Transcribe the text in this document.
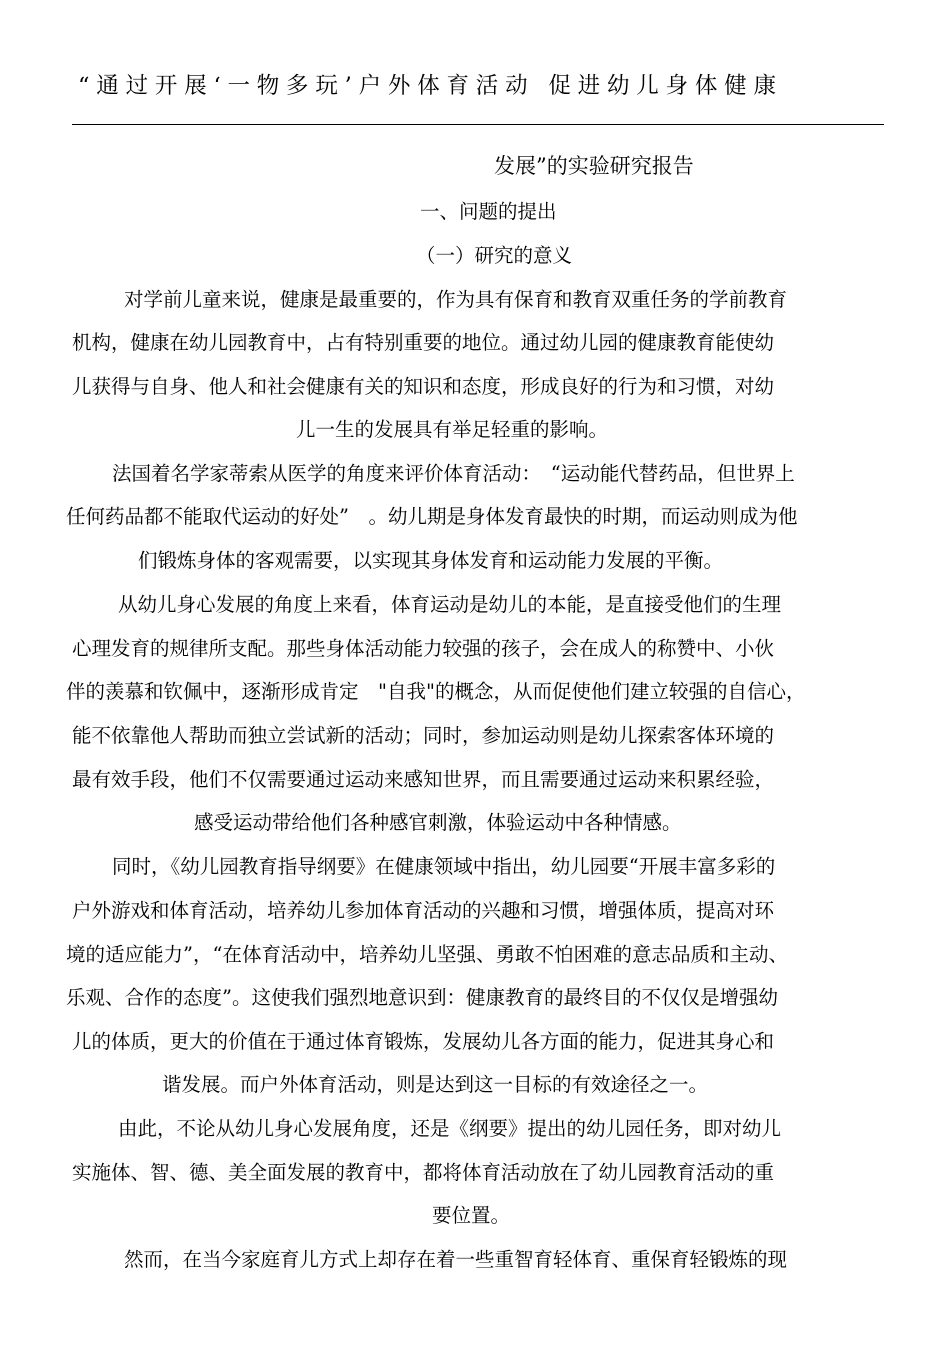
“通过开展‘一物多玩’户外体育活动 促进幼儿身体健康
发展”的实验研究报告
一、问题的提出
（一）研究的意义
对学前儿童来说，健康是最重要的，作为具有保育和教育双重任务的学前教育
机构，健康在幼儿园教育中，占有特别重要的地位。通过幼儿园的健康教育能使幼
儿获得与自身、他人和社会健康有关的知识和态度，形成良好的行为和习惯，对幼
儿一生的发展具有举足轻重的影响。
法国着名学家蒂索从医学的角度来评价体育活动：　“运动能代替药品，但世界上
任何药品都不能取代运动的好处”　。幼儿期是身体发育最快的时期，而运动则成为他
们锻炼身体的客观需要，以实现其身体发育和运动能力发展的平衡。
从幼儿身心发展的角度上来看，体育运动是幼儿的本能，是直接受他们的生理
心理发育的规律所支配。那些身体活动能力较强的孩子，会在成人的称赞中、小伙
伴的羡慕和钦佩中，逐渐形成肯定　"自我"的概念，从而促使他们建立较强的自信心，
能不依靠他人帮助而独立尝试新的活动；同时，参加运动则是幼儿探索客体环境的
最有效手段，他们不仅需要通过运动来感知世界，而且需要通过运动来积累经验，
感受运动带给他们各种感官刺激，体验运动中各种情感。
同时，《幼儿园教育指导纲要》在健康领域中指出，幼儿园要“开展丰富多彩的
户外游戏和体育活动，培养幼儿参加体育活动的兴趣和习惯，增强体质，提高对环
境的适应能力”，“在体育活动中，培养幼儿坚强、勇敢不怕困难的意志品质和主动、
乐观、合作的态度”。这使我们强烈地意识到：健康教育的最终目的不仅仅是增强幼
儿的体质，更大的价值在于通过体育锻炼，发展幼儿各方面的能力，促进其身心和
谐发展。而户外体育活动，则是达到这一目标的有效途径之一。
由此，不论从幼儿身心发展角度，还是《纲要》提出的幼儿园任务，即对幼儿
实施体、智、德、美全面发展的教育中，都将体育活动放在了幼儿园教育活动的重
要位置。
然而，在当今家庭育儿方式上却存在着一些重智育轻体育、重保育轻锻炼的现
